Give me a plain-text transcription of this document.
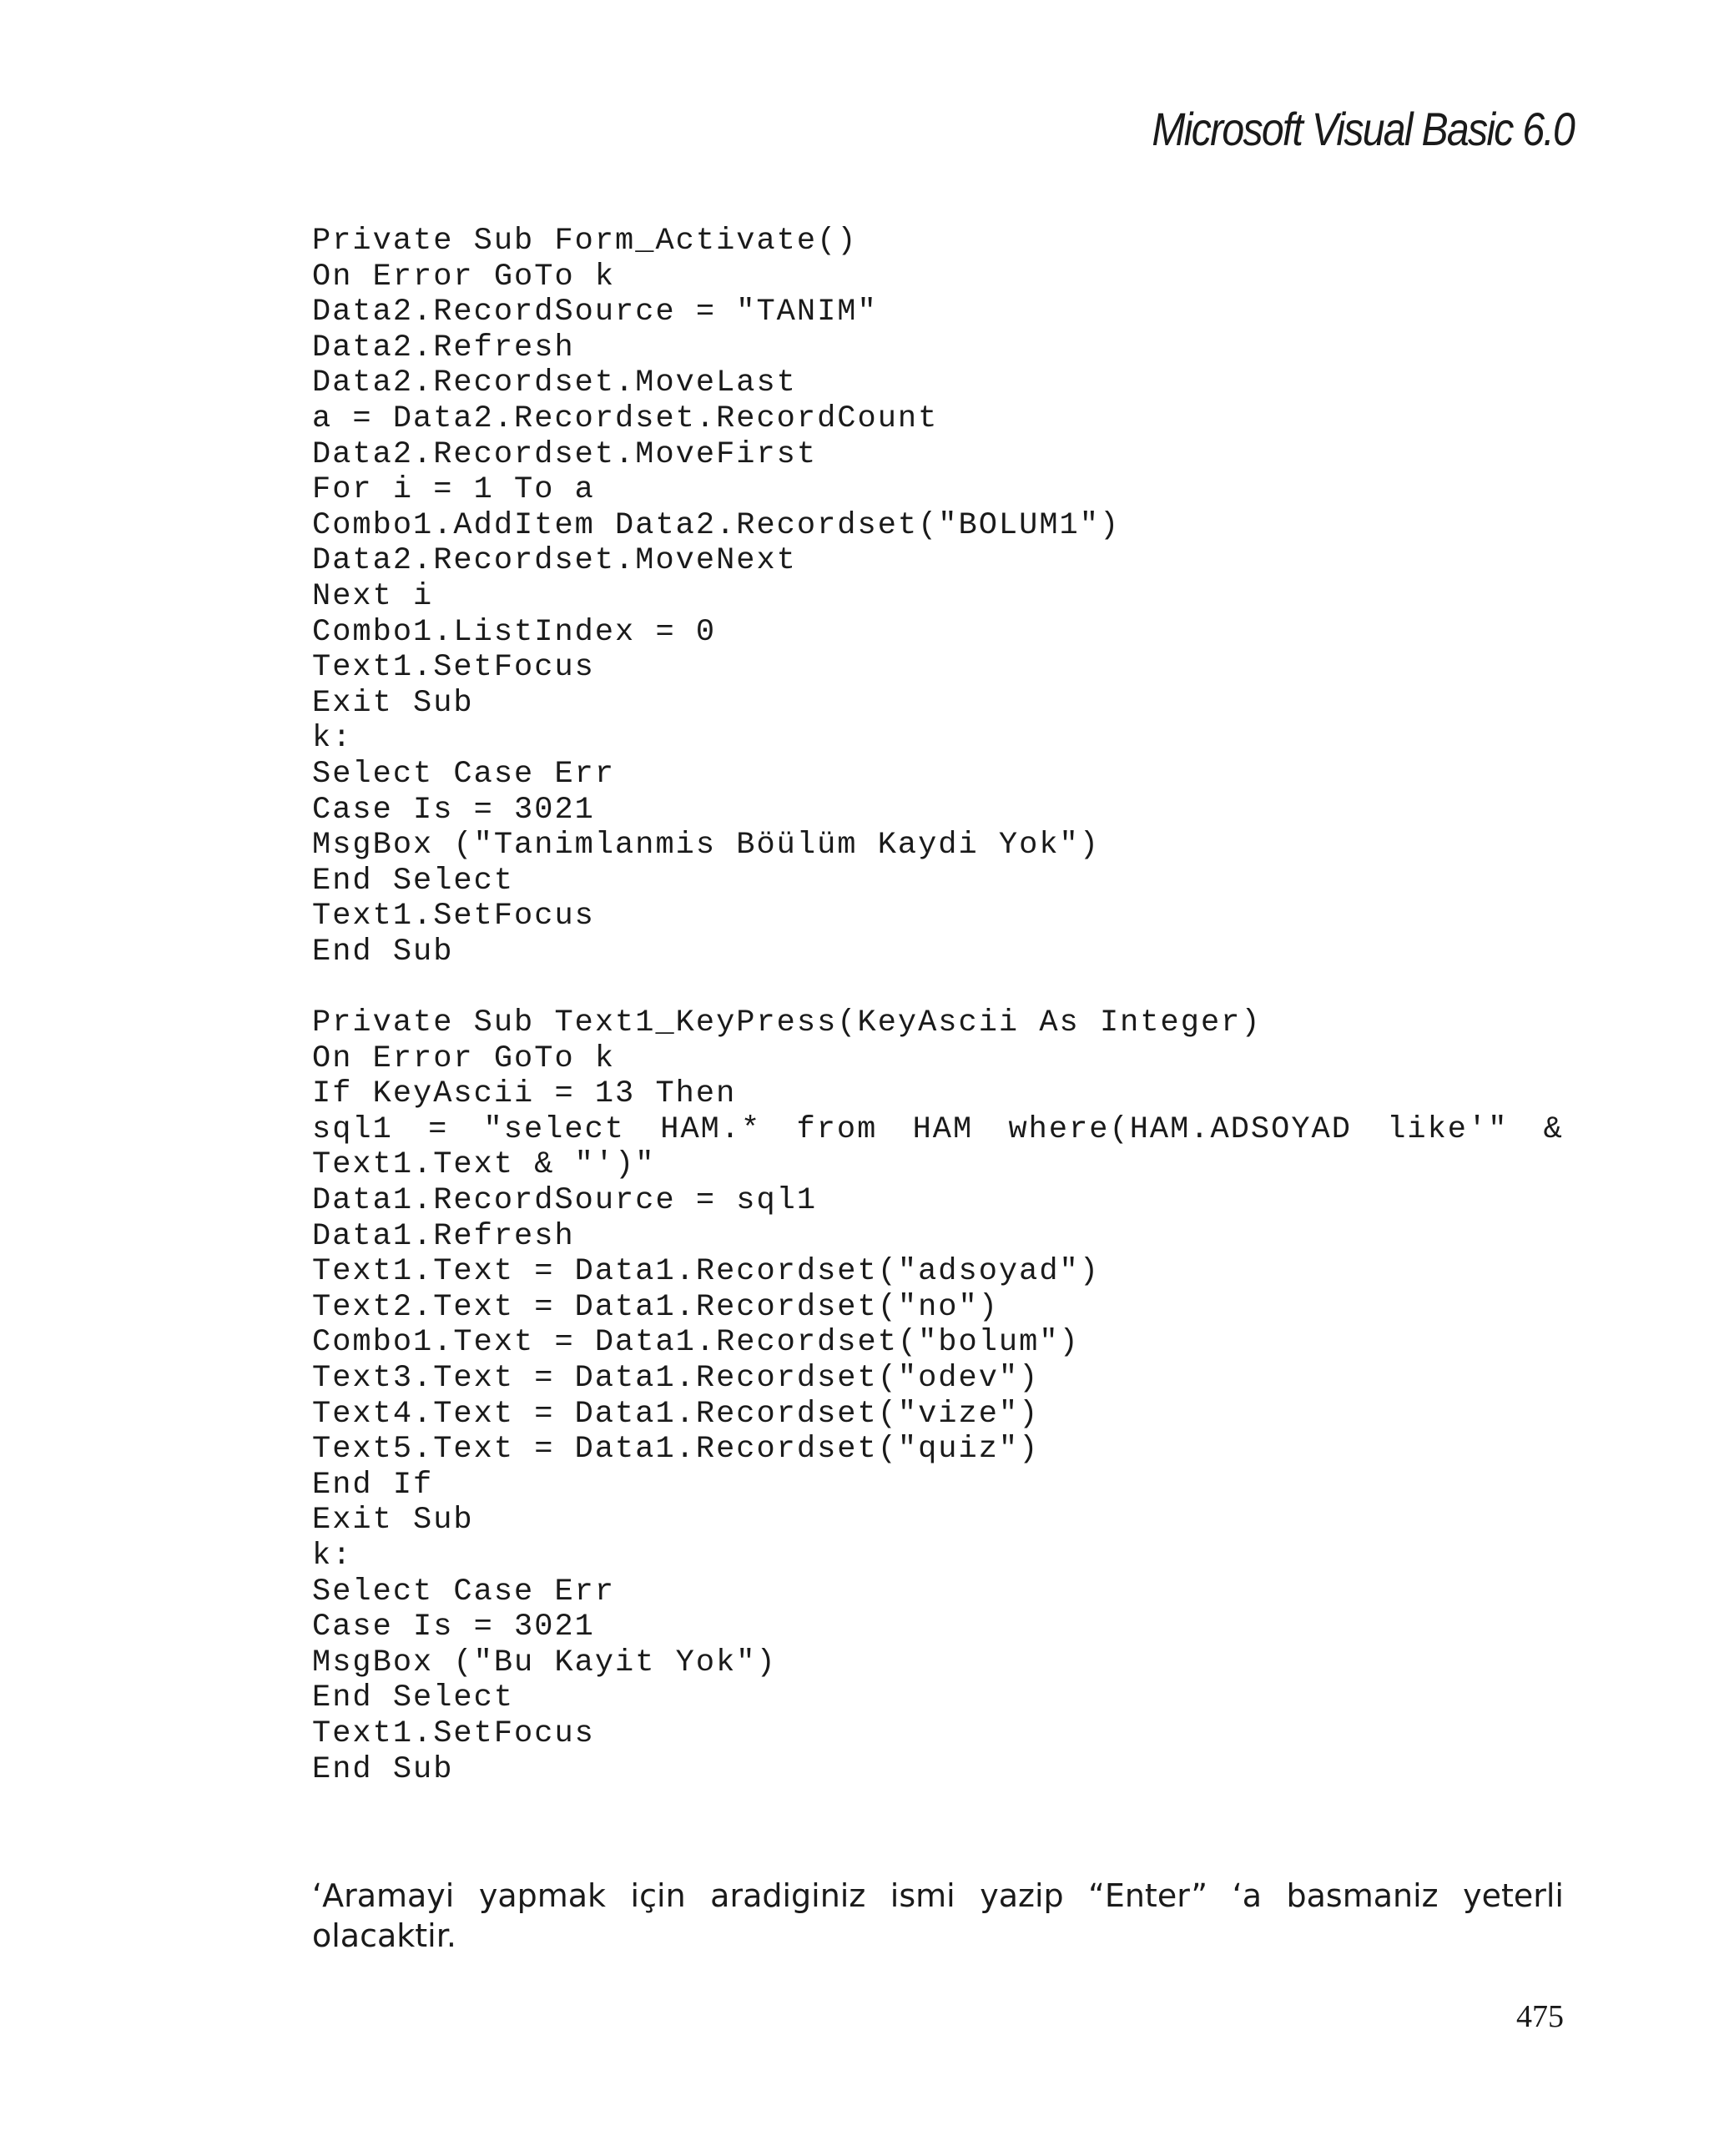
Microsoft Visual Basic 6.0
Private Sub Form_Activate()
On Error GoTo k
Data2.RecordSource = "TANIM"
Data2.Refresh
Data2.Recordset.MoveLast
a = Data2.Recordset.RecordCount
Data2.Recordset.MoveFirst
For i = 1 To a
Combo1.AddItem Data2.Recordset("BOLUM1")
Data2.Recordset.MoveNext
Next i
Combo1.ListIndex = 0
Text1.SetFocus
Exit Sub
k:
Select Case Err
Case Is = 3021
MsgBox ("Tanimlanmis Böülüm Kaydi Yok")
End Select
Text1.SetFocus
End Sub
Private Sub Text1_KeyPress(KeyAscii As Integer)
On Error GoTo k
If KeyAscii = 13 Then
sql1 = "select HAM.* from HAM where(HAM.ADSOYAD like'" &
Text1.Text & "')"
Data1.RecordSource = sql1
Data1.Refresh
Text1.Text = Data1.Recordset("adsoyad")
Text2.Text = Data1.Recordset("no")
Combo1.Text = Data1.Recordset("bolum")
Text3.Text = Data1.Recordset("odev")
Text4.Text = Data1.Recordset("vize")
Text5.Text = Data1.Recordset("quiz")
End If
Exit Sub
k:
Select Case Err
Case Is = 3021
MsgBox ("Bu Kayit Yok")
End Select
Text1.SetFocus
End Sub
‘Aramayi yapmak için aradiginiz ismi yazip “Enter” ‘a basmaniz yeterli olacaktir.
475
